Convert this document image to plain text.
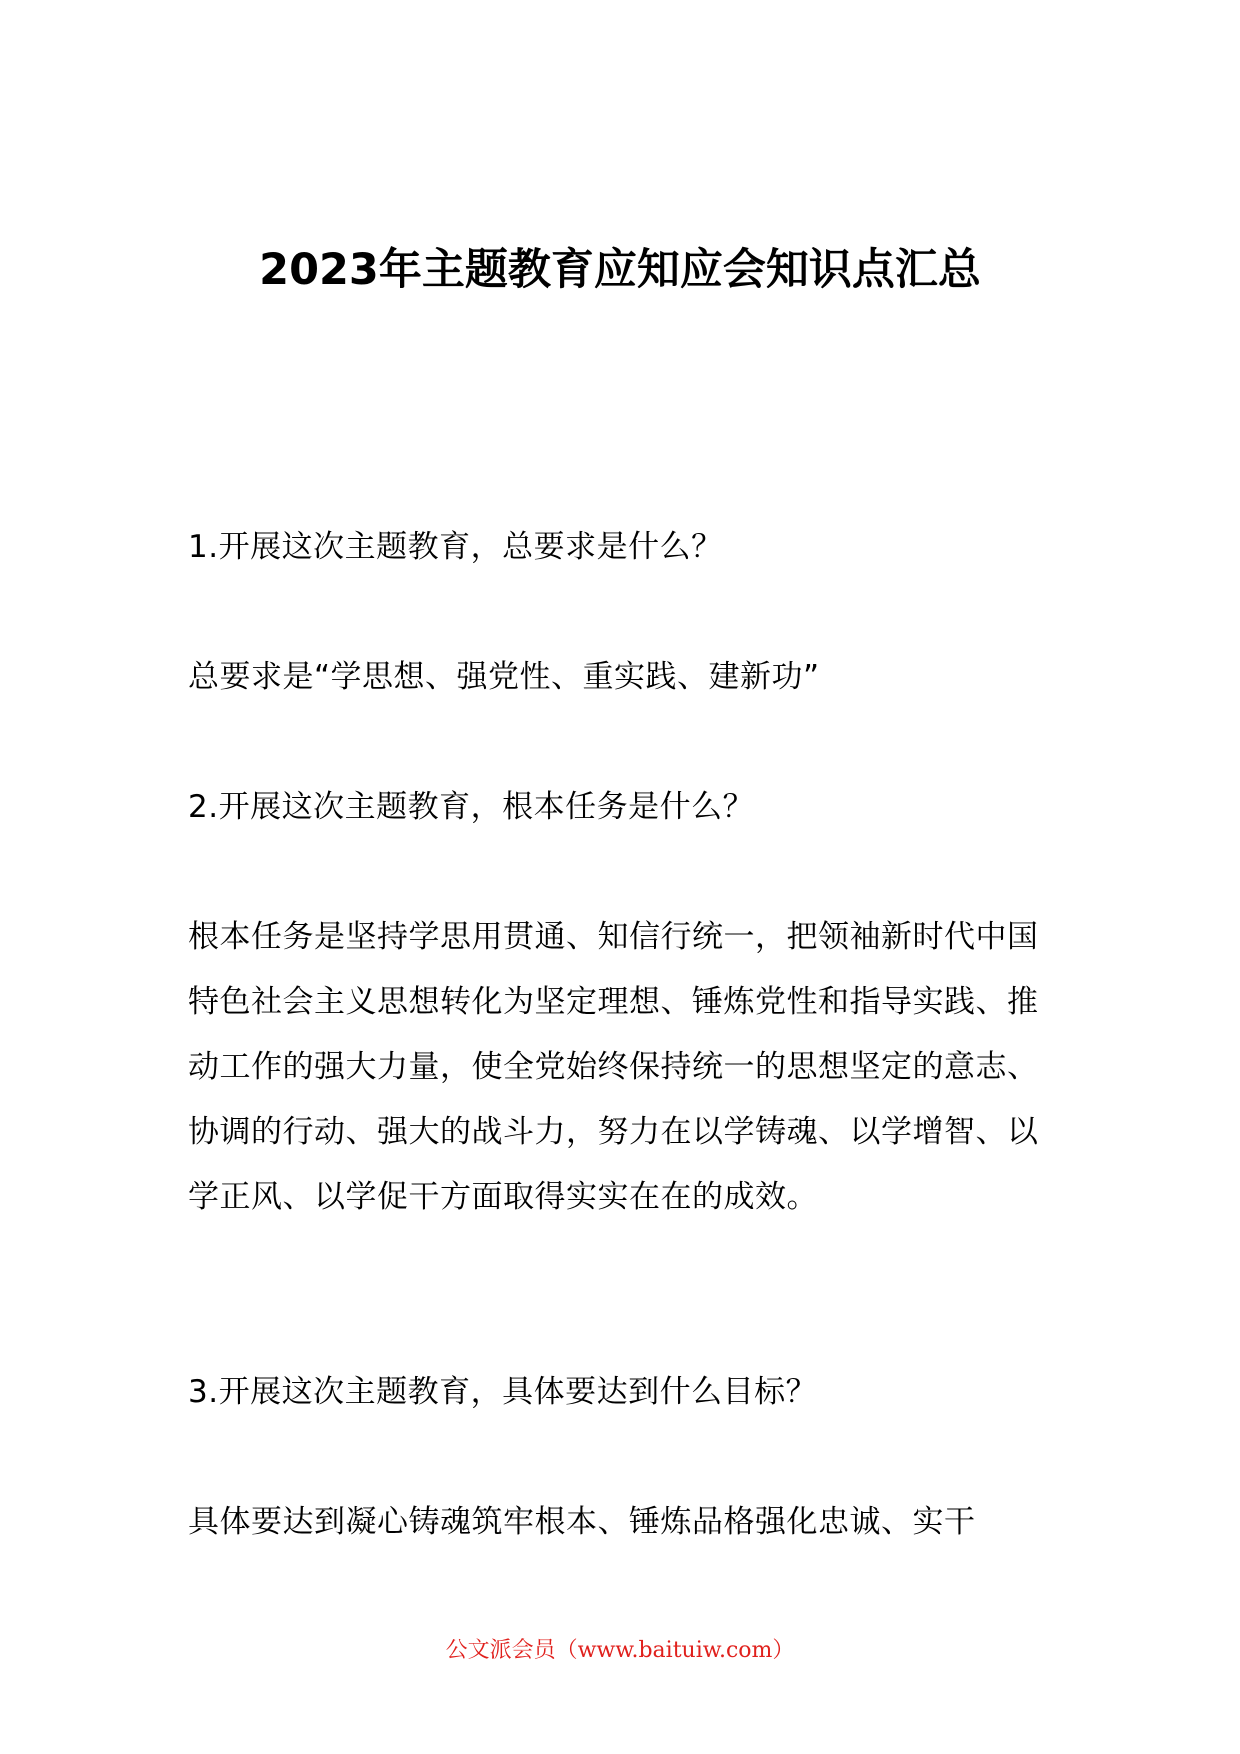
2023年主题教育应知应会知识点汇总

1.开展这次主题教育，总要求是什么？

总要求是“学思想、强党性、重实践、建新功”

2.开展这次主题教育，根本任务是什么？

根本任务是坚持学思用贯通、知信行统一，把领袖新时代中国特色社会主义思想转化为坚定理想、锤炼党性和指导实践、推动工作的强大力量，使全党始终保持统一的思想坚定的意志、协调的行动、强大的战斗力，努力在以学铸魂、以学增智、以学正风、以学促干方面取得实实在在的成效。

3.开展这次主题教育，具体要达到什么目标？

具体要达到凝心铸魂筑牢根本、锤炼品格强化忠诚、实干

公文派会员（www.baituiw.com）
